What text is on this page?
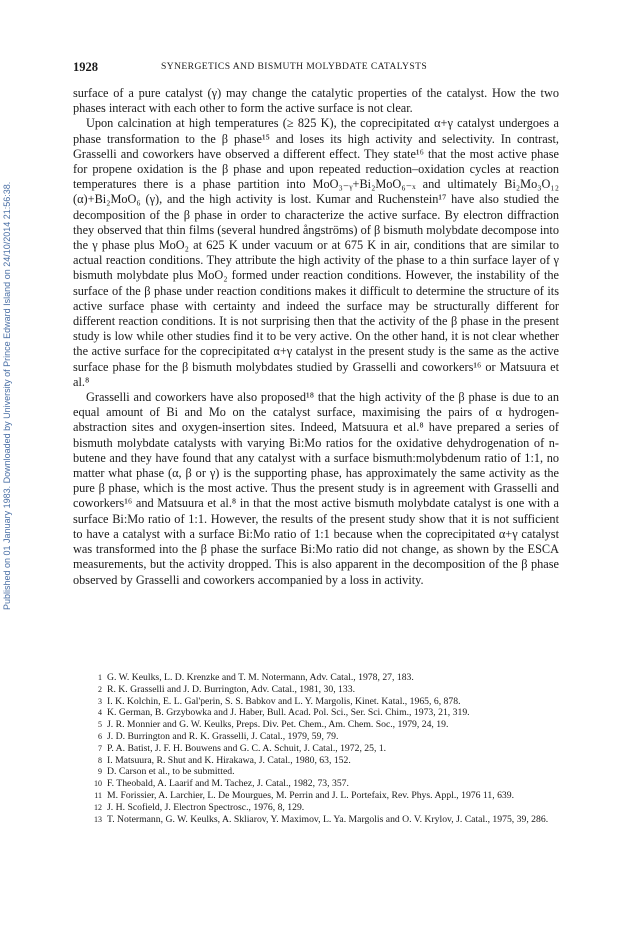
Published on 01 January 1983. Downloaded by University of Prince Edward Island on 24/10/2014 21:56:38.
1928	SYNERGETICS AND BISMUTH MOLYBDATE CATALYSTS

surface of a pure catalyst (γ) may change the catalytic properties of the catalyst. How the two phases interact with each other to form the active surface is not clear.

Upon calcination at high temperatures (≥ 825 K), the coprecipitated α+γ catalyst undergoes a phase transformation to the β phase¹⁵ and loses its high activity and selectivity. In contrast, Grasselli and coworkers have observed a different effect. They state¹⁶ that the most active phase for propene oxidation is the β phase and upon repeated reduction–oxidation cycles at reaction temperatures there is a phase partition into MoO₃₋ᵧ+Bi₂MoO₆₋ₓ and ultimately Bi₂Mo₃O₁₂ (α)+Bi₂MoO₆ (γ), and the high activity is lost. Kumar and Ruchenstein¹⁷ have also studied the decomposition of the β phase in order to characterize the active surface. By electron diffraction they observed that thin films (several hundred ångströms) of β bismuth molybdate decompose into the γ phase plus MoO₂ at 625 K under vacuum or at 675 K in air, conditions that are similar to actual reaction conditions. They attribute the high activity of the phase to a thin surface layer of γ bismuth molybdate plus MoO₂ formed under reaction conditions. However, the instability of the surface of the β phase under reaction conditions makes it difficult to determine the structure of its active surface phase with certainty and indeed the surface may be structurally different for different reaction conditions. It is not surprising then that the activity of the β phase in the present study is low while other studies find it to be very active. On the other hand, it is not clear whether the active surface for the coprecipitated α+γ catalyst in the present study is the same as the active surface phase for the β bismuth molybdates studied by Grasselli and coworkers¹⁶ or Matsuura et al.⁸

Grasselli and coworkers have also proposed¹⁸ that the high activity of the β phase is due to an equal amount of Bi and Mo on the catalyst surface, maximising the pairs of α hydrogen-abstraction sites and oxygen-insertion sites. Indeed, Matsuura et al.⁸ have prepared a series of bismuth molybdate catalysts with varying Bi:Mo ratios for the oxidative dehydrogenation of n-butene and they have found that any catalyst with a surface bismuth:molybdenum ratio of 1:1, no matter what phase (α, β or γ) is the supporting phase, has approximately the same activity as the pure β phase, which is the most active. Thus the present study is in agreement with Grasselli and coworkers¹⁶ and Matsuura et al.⁸ in that the most active bismuth molybdate catalyst is one with a surface Bi:Mo ratio of 1:1. However, the results of the present study show that it is not sufficient to have a catalyst with a surface Bi:Mo ratio of 1:1 because when the coprecipitated α+γ catalyst was transformed into the β phase the surface Bi:Mo ratio did not change, as shown by the ESCA measurements, but the activity dropped. This is also apparent in the decomposition of the β phase observed by Grasselli and coworkers accompanied by a loss in activity.

1 G. W. Keulks, L. D. Krenzke and T. M. Notermann, Adv. Catal., 1978, 27, 183.
2 R. K. Grasselli and J. D. Burrington, Adv. Catal., 1981, 30, 133.
3 I. K. Kolchin, E. L. Gal'perin, S. S. Babkov and L. Y. Margolis, Kinet. Katal., 1965, 6, 878.
4 K. German, B. Grzybowka and J. Haber, Bull. Acad. Pol. Sci., Ser. Sci. Chim., 1973, 21, 319.
5 J. R. Monnier and G. W. Keulks, Preps. Div. Pet. Chem., Am. Chem. Soc., 1979, 24, 19.
6 J. D. Burrington and R. K. Grasselli, J. Catal., 1979, 59, 79.
7 P. A. Batist, J. F. H. Bouwens and G. C. A. Schuit, J. Catal., 1972, 25, 1.
8 I. Matsuura, R. Shut and K. Hirakawa, J. Catal., 1980, 63, 152.
9 D. Carson et al., to be submitted.
10 F. Theobald, A. Laarif and M. Tachez, J. Catal., 1982, 73, 357.
11 M. Forissier, A. Larchier, L. De Mourgues, M. Perrin and J. L. Portefaix, Rev. Phys. Appl., 1976 11, 639.
12 J. H. Scofield, J. Electron Spectrosc., 1976, 8, 129.
13 T. Notermann, G. W. Keulks, A. Skliarov, Y. Maximov, L. Ya. Margolis and O. V. Krylov, J. Catal., 1975, 39, 286.
